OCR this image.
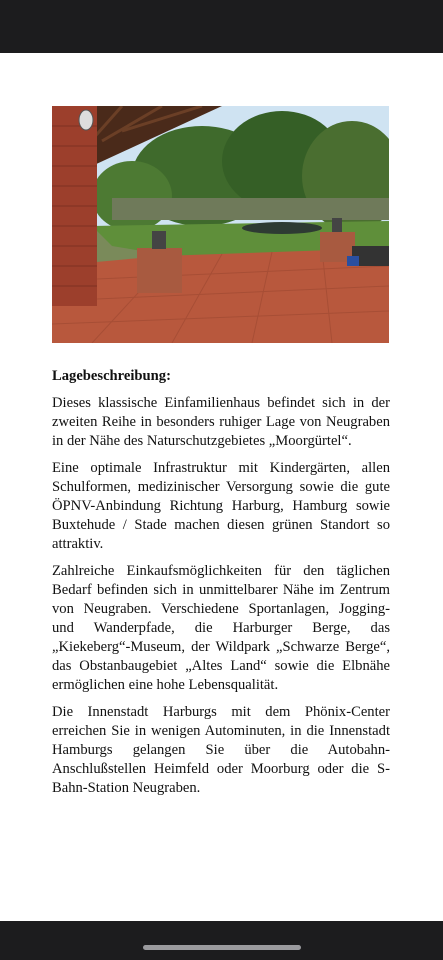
Lagebeschreibung:

Dieses klassische Einfamilienhaus befindet sich in der zweiten Reihe in besonders ruhiger Lage von Neugraben in der Nähe des Naturschutzgebietes „Moorgürtel“.

Eine optimale Infrastruktur mit Kindergärten, allen Schulformen, medizinischer Versorgung sowie die gute ÖPNV-Anbindung Richtung Harburg, Hamburg sowie Buxtehude / Stade machen diesen grünen Standort so attraktiv.

Zahlreiche Einkaufsmöglichkeiten für den täglichen Bedarf befinden sich in unmittelbarer Nähe im Zentrum von Neugraben. Verschiedene Sportanlagen, Jogging- und Wanderpfade, die Harburger Berge, das „Kiekeberg“-Museum, der Wildpark „Schwarze Berge“, das Obstanbaugebiet „Altes Land“ sowie die Elbnähe ermöglichen eine hohe Lebensqualität.

Die Innenstadt Harburgs mit dem Phönix-Center erreichen Sie in wenigen Autominuten, in die Innenstadt Hamburgs gelangen Sie über die Autobahn-Anschlußstellen Heimfeld oder Moorburg oder die S-Bahn-Station Neugraben.
